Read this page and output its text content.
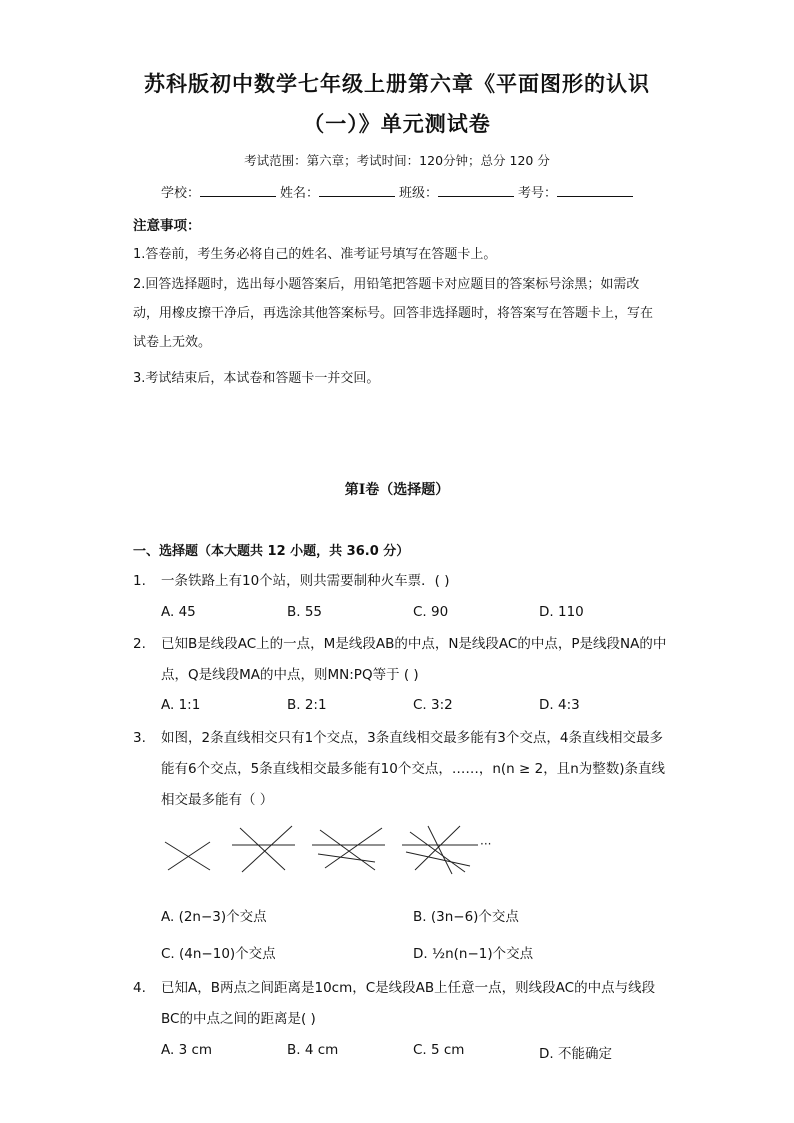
苏科版初中数学七年级上册第六章《平面图形的认识
（一）》单元测试卷
考试范围：第六章；考试时间：120分钟；总分 120 分
学校：	姓名：	班级：	考号：
注意事项：
1.答卷前，考生务必将自己的姓名、准考证号填写在答题卡上。
2.回答选择题时，选出每小题答案后，用铅笔把答题卡对应题目的答案标号涂黑；如需改动，用橡皮擦干净后，再选涂其他答案标号。回答非选择题时，将答案写在答题卡上，写在试卷上无效。
3.考试结束后，本试卷和答题卡一并交回。
第I卷（选择题）
一、选择题（本大题共 12 小题，共 36.0 分）
1. 一条铁路上有10个站，则共需要制种火车票．( )
A. 45	B. 55	C. 90	D. 110
2. 已知B是线段AC上的一点，M是线段AB的中点，N是线段AC的中点，P是线段NA的中点，Q是线段MA的中点，则MN:PQ等于 ( )
A. 1:1	B. 2:1	C. 3:2	D. 4:3
3. 如图，2条直线相交只有1个交点，3条直线相交最多能有3个交点，4条直线相交最多能有6个交点，5条直线相交最多能有10个交点，……，n(n ≥ 2，且n为整数)条直线相交最多能有（ ）
···
A. (2n−3)个交点	B. (3n−6)个交点
C. (4n−10)个交点	D. ½n(n−1)个交点
4. 已知A，B两点之间距离是10cm，C是线段AB上任意一点，则线段AC的中点与线段BC的中点之间的距离是( )
A. 3 cm	B. 4 cm	C. 5 cm	D. 不能确定
